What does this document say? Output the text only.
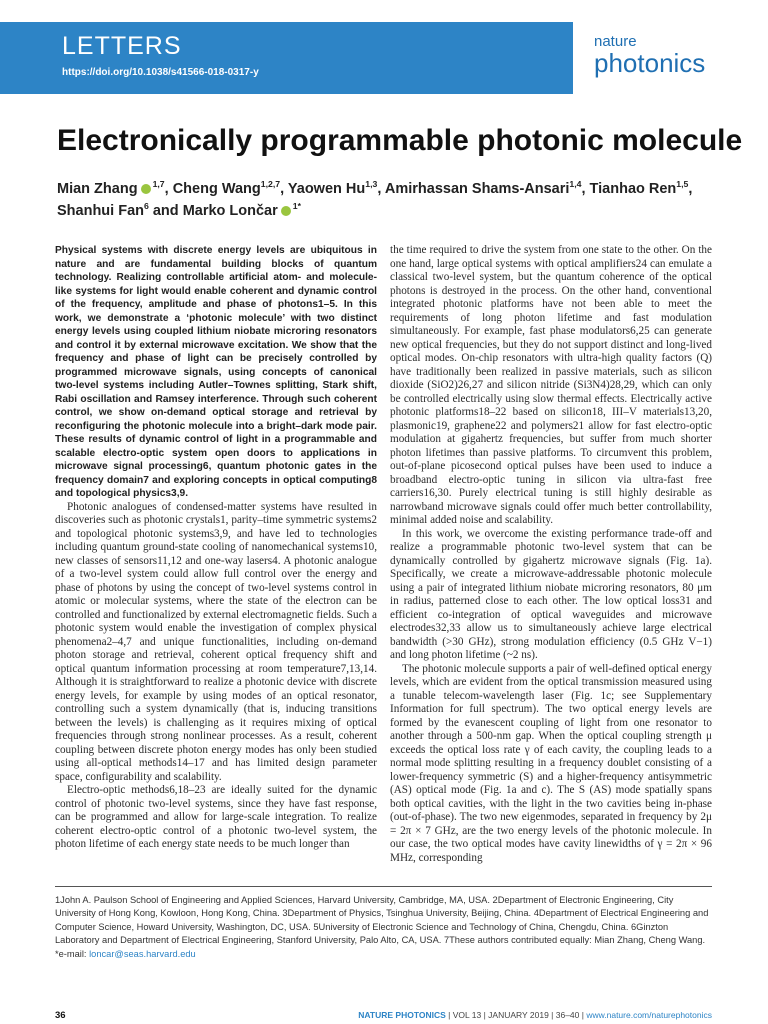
LETTERS
https://doi.org/10.1038/s41566-018-0317-y
nature
photonics
Electronically programmable photonic molecule
Mian Zhang $^{1,7}$, Cheng Wang$^{1,2,7}$, Yaowen Hu$^{1,3}$, Amirhassan Shams-Ansari$^{1,4}$, Tianhao Ren$^{1,5}$,
Shanhui Fan$^6$ and Marko Lončar $^{1*}$

Physical systems with discrete energy levels are ubiquitous in nature and are fundamental building blocks of quantum technology. Realizing controllable artificial atom- and molecule-like systems for light would enable coherent and dynamic control of the frequency, amplitude and phase of photons1–5. In this work, we demonstrate a ‘photonic molecule’ with two distinct energy levels using coupled lithium niobate microring resonators and control it by external microwave excitation. We show that the frequency and phase of light can be precisely controlled by programmed microwave signals, using concepts of canonical two-level systems including Autler–Townes splitting, Stark shift, Rabi oscillation and Ramsey interference. Through such coherent control, we show on-demand optical storage and retrieval by reconfiguring the photonic molecule into a bright–dark mode pair. These results of dynamic control of light in a programmable and scalable electro-optic system open doors to applications in microwave signal processing6, quantum photonic gates in the frequency domain7 and exploring concepts in optical computing8 and topological physics3,9.

Photonic analogues of condensed-matter systems have resulted in discoveries such as photonic crystals1, parity–time symmetric systems2 and topological photonic systems3,9, and have led to technologies including quantum ground-state cooling of nanomechanical systems10, new classes of sensors11,12 and one-way lasers4. A photonic analogue of a two-level system could allow full control over the energy and phase of photons by using the concept of two-level systems control in atomic or molecular systems, where the state of the electron can be controlled and functionalized by external electromagnetic fields. Such a photonic system would enable the investigation of complex physical phenomena2–4,7 and unique functionalities, including on-demand photon storage and retrieval, coherent optical frequency shift and optical quantum information processing at room temperature7,13,14. Although it is straightforward to realize a photonic device with discrete energy levels, for example by using modes of an optical resonator, controlling such a system dynamically (that is, inducing transitions between the levels) is challenging as it requires mixing of optical frequencies through strong nonlinear processes. As a result, coherent coupling between discrete photon energy modes has only been studied using all-optical methods14–17 and has limited design parameter space, configurability and scalability.

Electro-optic methods6,18–23 are ideally suited for the dynamic control of photonic two-level systems, since they have fast response, can be programmed and allow for large-scale integration. To realize coherent electro-optic control of a photonic two-level system, the photon lifetime of each energy state needs to be much longer than

the time required to drive the system from one state to the other. On the one hand, large optical systems with optical amplifiers24 can emulate a classical two-level system, but the quantum coherence of the optical photons is destroyed in the process. On the other hand, conventional integrated photonic platforms have not been able to meet the requirements of long photon lifetime and fast modulation simultaneously. For example, fast phase modulators6,25 can generate new optical frequencies, but they do not support distinct and long-lived optical modes. On-chip resonators with ultra-high quality factors (Q) have traditionally been realized in passive materials, such as silicon dioxide (SiO2)26,27 and silicon nitride (Si3N4)28,29, which can only be controlled electrically using slow thermal effects. Electrically active photonic platforms18–22 based on silicon18, III–V materials13,20, plasmonic19, graphene22 and polymers21 allow for fast electro-optic modulation at gigahertz frequencies, but suffer from much shorter photon lifetimes than passive platforms. To circumvent this problem, out-of-plane picosecond optical pulses have been used to induce a broadband electro-optic tuning in silicon via ultra-fast free carriers16,30. Purely electrical tuning is still highly desirable as narrowband microwave signals could offer much better controllability, minimal added noise and scalability.

In this work, we overcome the existing performance trade-off and realize a programmable photonic two-level system that can be dynamically controlled by gigahertz microwave signals (Fig. 1a). Specifically, we create a microwave-addressable photonic molecule using a pair of integrated lithium niobate microring resonators, 80 μm in radius, patterned close to each other. The low optical loss31 and efficient co-integration of optical waveguides and microwave electrodes32,33 allow us to simultaneously achieve large electrical bandwidth (>30 GHz), strong modulation efficiency (0.5 GHz V−1) and long photon lifetime (~2 ns).

The photonic molecule supports a pair of well-defined optical energy levels, which are evident from the optical transmission measured using a tunable telecom-wavelength laser (Fig. 1c; see Supplementary Information for full spectrum). The two optical energy levels are formed by the evanescent coupling of light from one resonator to another through a 500-nm gap. When the optical coupling strength μ exceeds the optical loss rate γ of each cavity, the coupling leads to a normal mode splitting resulting in a frequency doublet consisting of a lower-frequency symmetric (S) and a higher-frequency antisymmetric (AS) optical mode (Fig. 1a and c). The S (AS) mode spatially spans both optical cavities, with the light in the two cavities being in-phase (out-of-phase). The two new eigenmodes, separated in frequency by 2μ = 2π × 7 GHz, are the two energy levels of the photonic molecule. In our case, the two optical modes have cavity linewidths of γ = 2π × 96 MHz, corresponding

1John A. Paulson School of Engineering and Applied Sciences, Harvard University, Cambridge, MA, USA. 2Department of Electronic Engineering, City University of Hong Kong, Kowloon, Hong Kong, China. 3Department of Physics, Tsinghua University, Beijing, China. 4Department of Electrical Engineering and Computer Science, Howard University, Washington, DC, USA. 5University of Electronic Science and Technology of China, Chengdu, China. 6Ginzton Laboratory and Department of Electrical Engineering, Stanford University, Palo Alto, CA, USA. 7These authors contributed equally: Mian Zhang, Cheng Wang. *e-mail: loncar@seas.harvard.edu
36	NATURE PHOTONICS | VOL 13 | JANUARY 2019 | 36–40 | www.nature.com/naturephotonics
